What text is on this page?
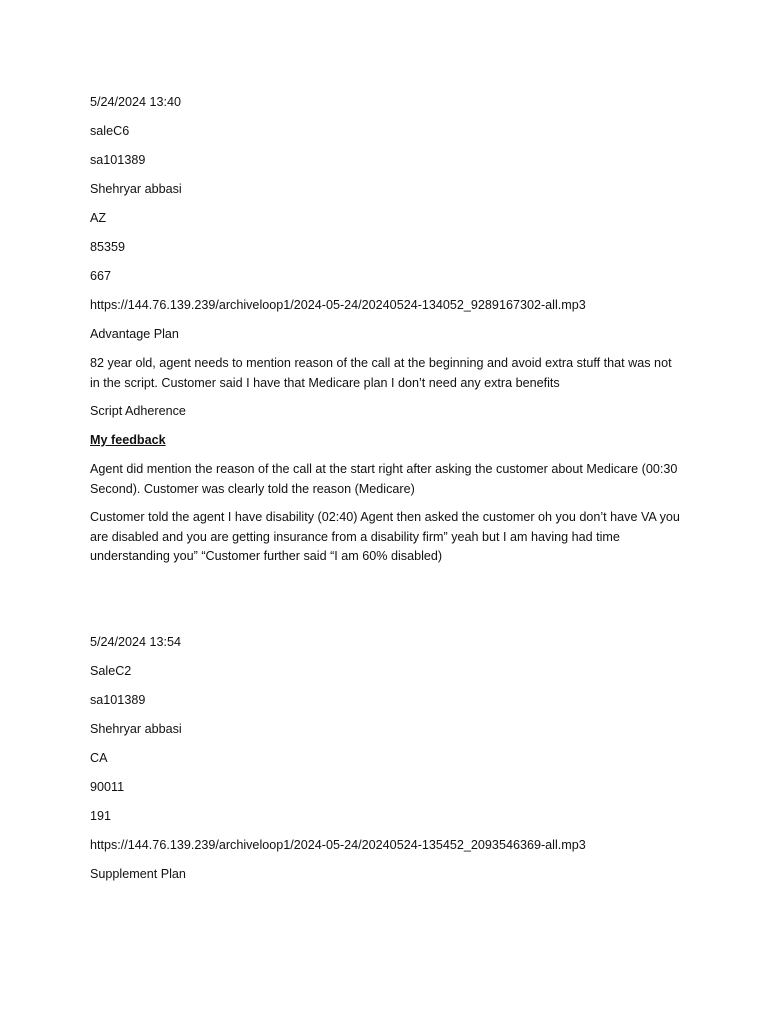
5/24/2024 13:40
saleC6
sa101389
Shehryar abbasi
AZ
85359
667
https://144.76.139.239/archiveloop1/2024-05-24/20240524-134052_9289167302-all.mp3
Advantage Plan
82 year old, agent needs to mention reason of the call at the beginning and avoid extra stuff that was not in the script. Customer said I have that Medicare plan I don’t need any extra benefits
Script Adherence
My feedback
Agent did mention the reason of the call at the start right after asking the customer about Medicare (00:30 Second). Customer was clearly told the reason (Medicare)
Customer told the agent I have disability (02:40) Agent then asked the customer oh you don’t have VA you are disabled and you are getting insurance from a disability firm” yeah but I am having had time understanding you” “Customer further said “I am 60% disabled)
5/24/2024 13:54
SaleC2
sa101389
Shehryar abbasi
CA
90011
191
https://144.76.139.239/archiveloop1/2024-05-24/20240524-135452_2093546369-all.mp3
Supplement Plan
